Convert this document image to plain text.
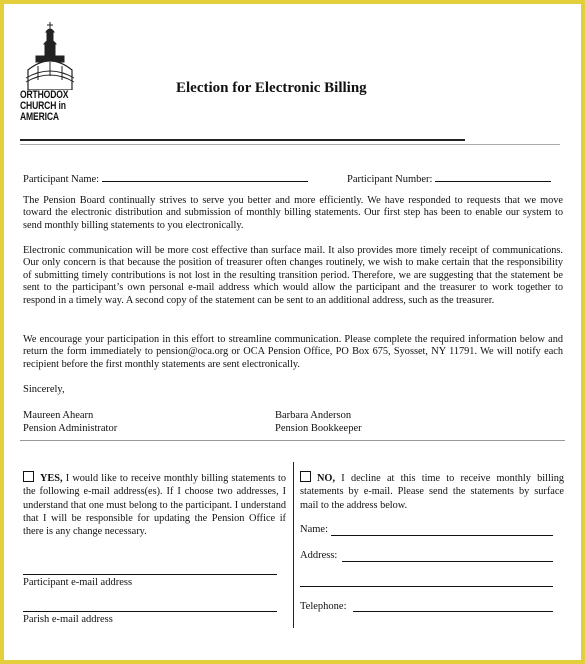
ORTHODOX
CHURCH in
AMERICA
Election for Electronic Billing
Participant Name:	Participant Number:
The Pension Board continually strives to serve you better and more efficiently. We have responded to requests that we move toward the electronic distribution and submission of monthly billing statements. Our first step has been to enable our system to send monthly billing statements to you electronically.
Electronic communication will be more cost effective than surface mail. It also provides more timely receipt of communications. Our only concern is that because the position of treasurer often changes routinely, we wish to make certain that the responsibility of submitting timely contributions is not lost in the resulting transition period. Therefore, we are suggesting that the statement be sent to the participant’s own personal e-mail address which would allow the participant and the treasurer to work together to respond in a timely way. A second copy of the statement can be sent to an additional address, such as the treasurer.
We encourage your participation in this effort to streamline communication. Please complete the required information below and return the form immediately to pension@oca.org or OCA Pension Office, PO Box 675, Syosset, NY 11791. We will notify each recipient before the first monthly statements are sent electronically.
Sincerely,
Maureen Ahearn
Pension Administrator
Barbara Anderson
Pension Bookkeeper
YES, I would like to receive monthly billing statements to the following e-mail address(es). If I choose two addresses, I understand that one must belong to the participant. I understand that I will be responsible for updating the Pension Office if there is any change necessary.
Participant e-mail address
Parish e-mail address
NO, I decline at this time to receive monthly billing statements by e-mail. Please send the statements by surface mail to the address below.
Name:
Address:
Telephone:
